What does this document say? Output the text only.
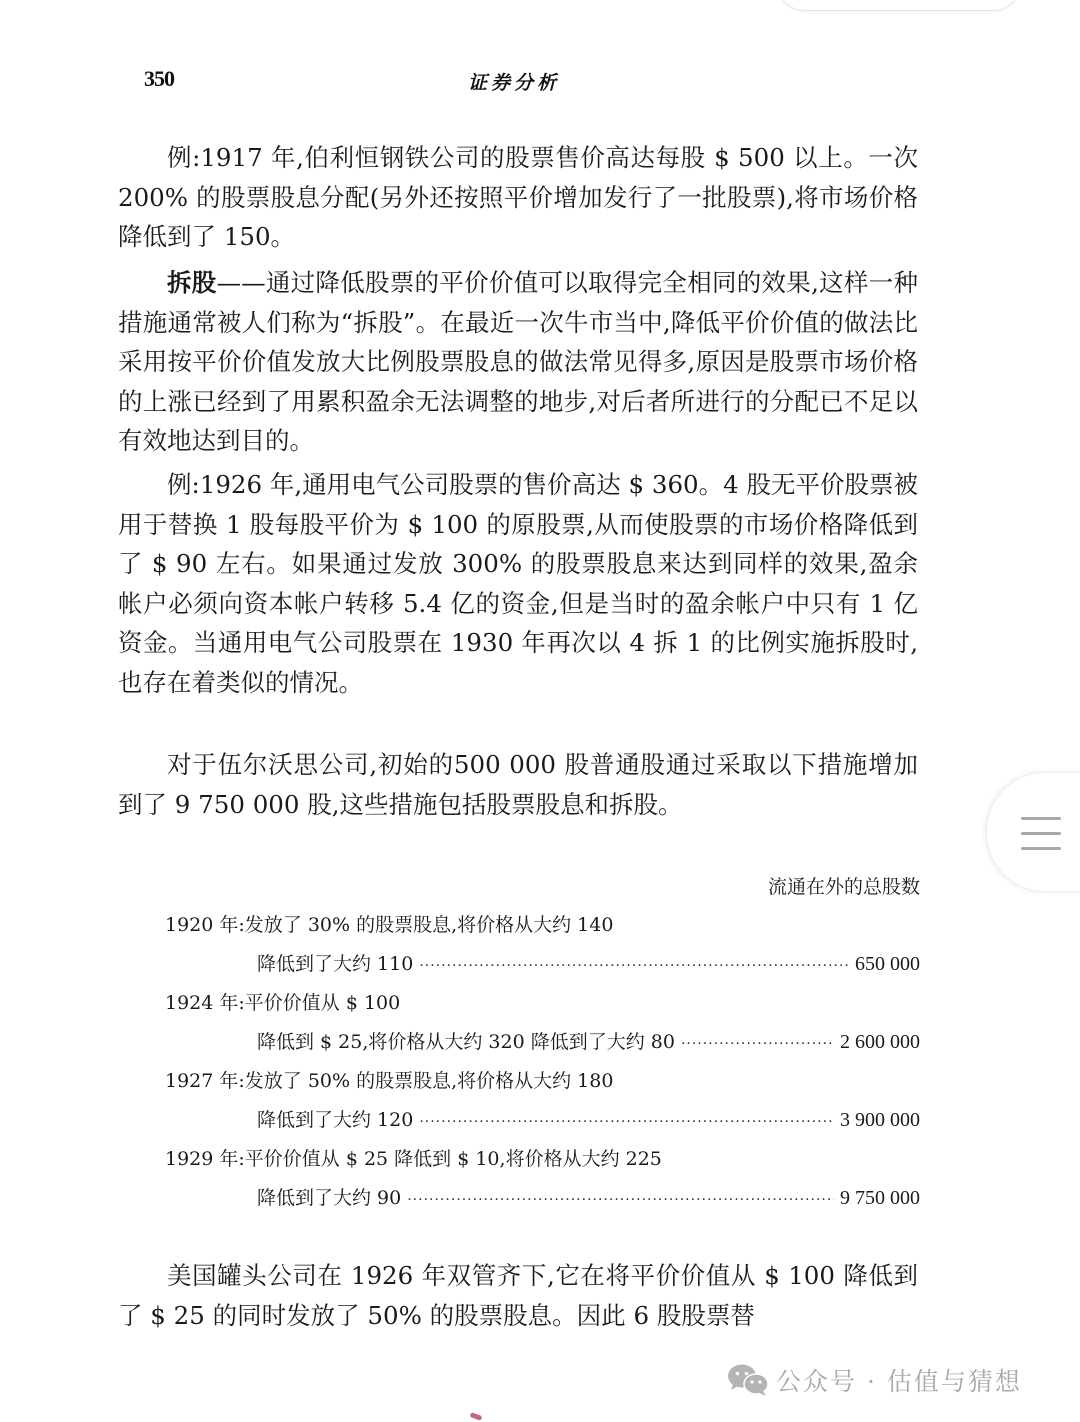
350	证券分析

例:1917 年,伯利恒钢铁公司的股票售价高达每股 $ 500 以上。一次 200% 的股票股息分配(另外还按照平价增加发行了一批股票),将市场价格降低到了 150。

拆股——通过降低股票的平价价值可以取得完全相同的效果,这样一种措施通常被人们称为“拆股”。在最近一次牛市当中,降低平价价值的做法比采用按平价价值发放大比例股票股息的做法常见得多,原因是股票市场价格的上涨已经到了用累积盈余无法调整的地步,对后者所进行的分配已不足以有效地达到目的。

例:1926 年,通用电气公司股票的售价高达 $ 360。4 股无平价股票被用于替换 1 股每股平价为 $ 100 的原股票,从而使股票的市场价格降低到了 $ 90 左右。如果通过发放 300% 的股票股息来达到同样的效果,盈余帐户必须向资本帐户转移 5.4 亿的资金,但是当时的盈余帐户中只有 1 亿资金。当通用电气公司股票在 1930 年再次以 4 拆 1 的比例实施拆股时,也存在着类似的情况。

对于伍尔沃思公司,初始的500 000 股普通股通过采取以下措施增加到了 9 750 000 股,这些措施包括股票股息和拆股。

流通在外的总股数
1920 年:发放了 30% 的股票股息,将价格从大约 140
降低到了大约 110 ·····	650 000
1924 年:平价价值从 $ 100
降低到 $ 25,将价格从大约 320 降低到了大约 80 ·····	2 600 000
1927 年:发放了 50% 的股票股息,将价格从大约 180
降低到了大约 120 ·····	3 900 000
1929 年:平价价值从 $ 25 降低到 $ 10,将价格从大约 225
降低到了大约 90 ·····	9 750 000

美国罐头公司在 1926 年双管齐下,它在将平价价值从 $ 100 降低到了 $ 25 的同时发放了 50% 的股票股息。因此 6 股股票替

公众号 · 估值与猜想
